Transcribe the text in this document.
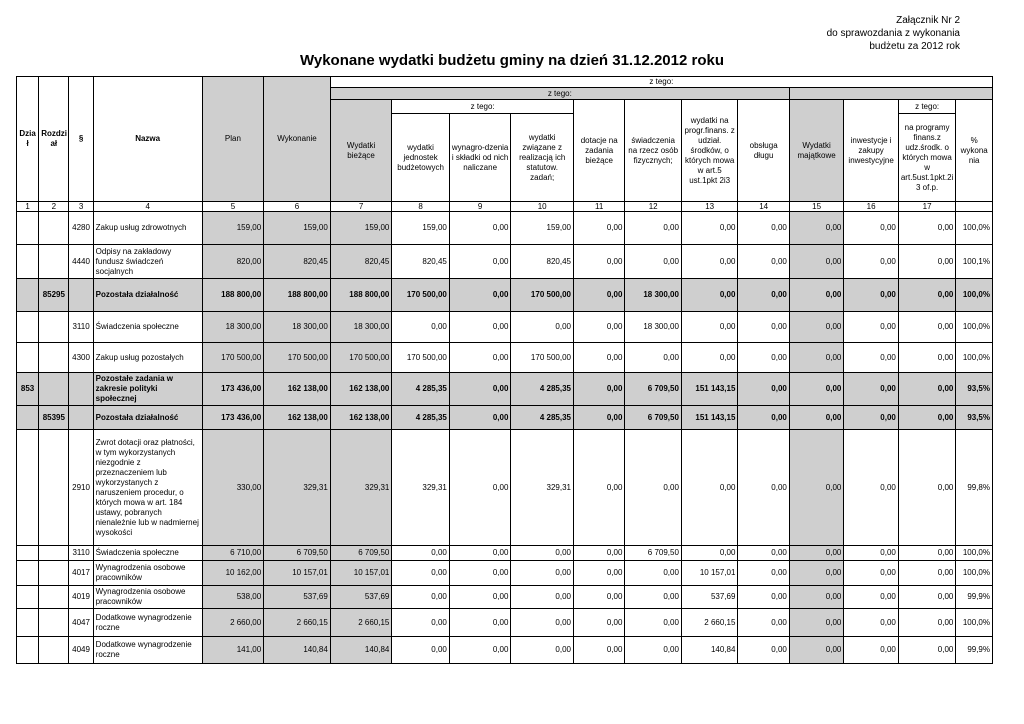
Załącznik Nr 2
do sprawozdania z wykonania
budżetu za 2012 rok
Wykonane wydatki budżetu gminy na dzień 31.12.2012 roku
Dzia ł	Rozdzi ał	§	Nazwa	Plan	Wykonanie	z tego:											
						z tego:											
						Wydatki bieżące	z tego:			dotacje na zadania bieżące	świadczenia na rzecz osób fizycznych;	wydatki na progr.finans. z udział. środków, o których mowa w art.5 ust.1pkt 2i3	obsługa długu	Wydatki majątkowe	inwestycje i zakupy inwestycyjne	z tego:	% wykona nia
							wydatki jednostek budżetowych	wynagro-dzenia i składki od nich naliczane	wydatki związane z realizacją ich statutow. zadań;							na programy finans.z udz.środk. o których mowa w art.5ust.1pkt.2i 3 of.p.	
1	2	3	4	5	6	7	8	9	10	11	12	13	14	15	16	17	
		4280	Zakup usług zdrowotnych	159,00	159,00	159,00	159,00	0,00	159,00	0,00	0,00	0,00	0,00	0,00	0,00	0,00	100,0%
		4440	Odpisy na zakładowy fundusz świadczeń socjalnych	820,00	820,45	820,45	820,45	0,00	820,45	0,00	0,00	0,00	0,00	0,00	0,00	0,00	100,1%
	85295		Pozostała działalność	188 800,00	188 800,00	188 800,00	170 500,00	0,00	170 500,00	0,00	18 300,00	0,00	0,00	0,00	0,00	0,00	100,0%
		3110	Świadczenia społeczne	18 300,00	18 300,00	18 300,00	0,00	0,00	0,00	0,00	18 300,00	0,00	0,00	0,00	0,00	0,00	100,0%
		4300	Zakup usług pozostałych	170 500,00	170 500,00	170 500,00	170 500,00	0,00	170 500,00	0,00	0,00	0,00	0,00	0,00	0,00	0,00	100,0%
853			Pozostałe zadania w zakresie polityki społecznej	173 436,00	162 138,00	162 138,00	4 285,35	0,00	4 285,35	0,00	6 709,50	151 143,15	0,00	0,00	0,00	0,00	93,5%
	85395		Pozostała działalność	173 436,00	162 138,00	162 138,00	4 285,35	0,00	4 285,35	0,00	6 709,50	151 143,15	0,00	0,00	0,00	0,00	93,5%
		2910	Zwrot dotacji oraz płatności, w tym wykorzystanych niezgodnie z przeznaczeniem lub wykorzystanych z naruszeniem procedur, o których mowa w art. 184 ustawy, pobranych nienależnie lub w nadmiernej wysokości	330,00	329,31	329,31	329,31	0,00	329,31	0,00	0,00	0,00	0,00	0,00	0,00	0,00	99,8%
		3110	Świadczenia społeczne	6 710,00	6 709,50	6 709,50	0,00	0,00	0,00	0,00	6 709,50	0,00	0,00	0,00	0,00	0,00	100,0%
		4017	Wynagrodzenia osobowe pracowników	10 162,00	10 157,01	10 157,01	0,00	0,00	0,00	0,00	0,00	10 157,01	0,00	0,00	0,00	0,00	100,0%
		4019	Wynagrodzenia osobowe pracowników	538,00	537,69	537,69	0,00	0,00	0,00	0,00	0,00	537,69	0,00	0,00	0,00	0,00	99,9%
		4047	Dodatkowe wynagrodzenie roczne	2 660,00	2 660,15	2 660,15	0,00	0,00	0,00	0,00	0,00	2 660,15	0,00	0,00	0,00	0,00	100,0%
		4049	Dodatkowe wynagrodzenie roczne	141,00	140,84	140,84	0,00	0,00	0,00	0,00	0,00	140,84	0,00	0,00	0,00	0,00	99,9%
